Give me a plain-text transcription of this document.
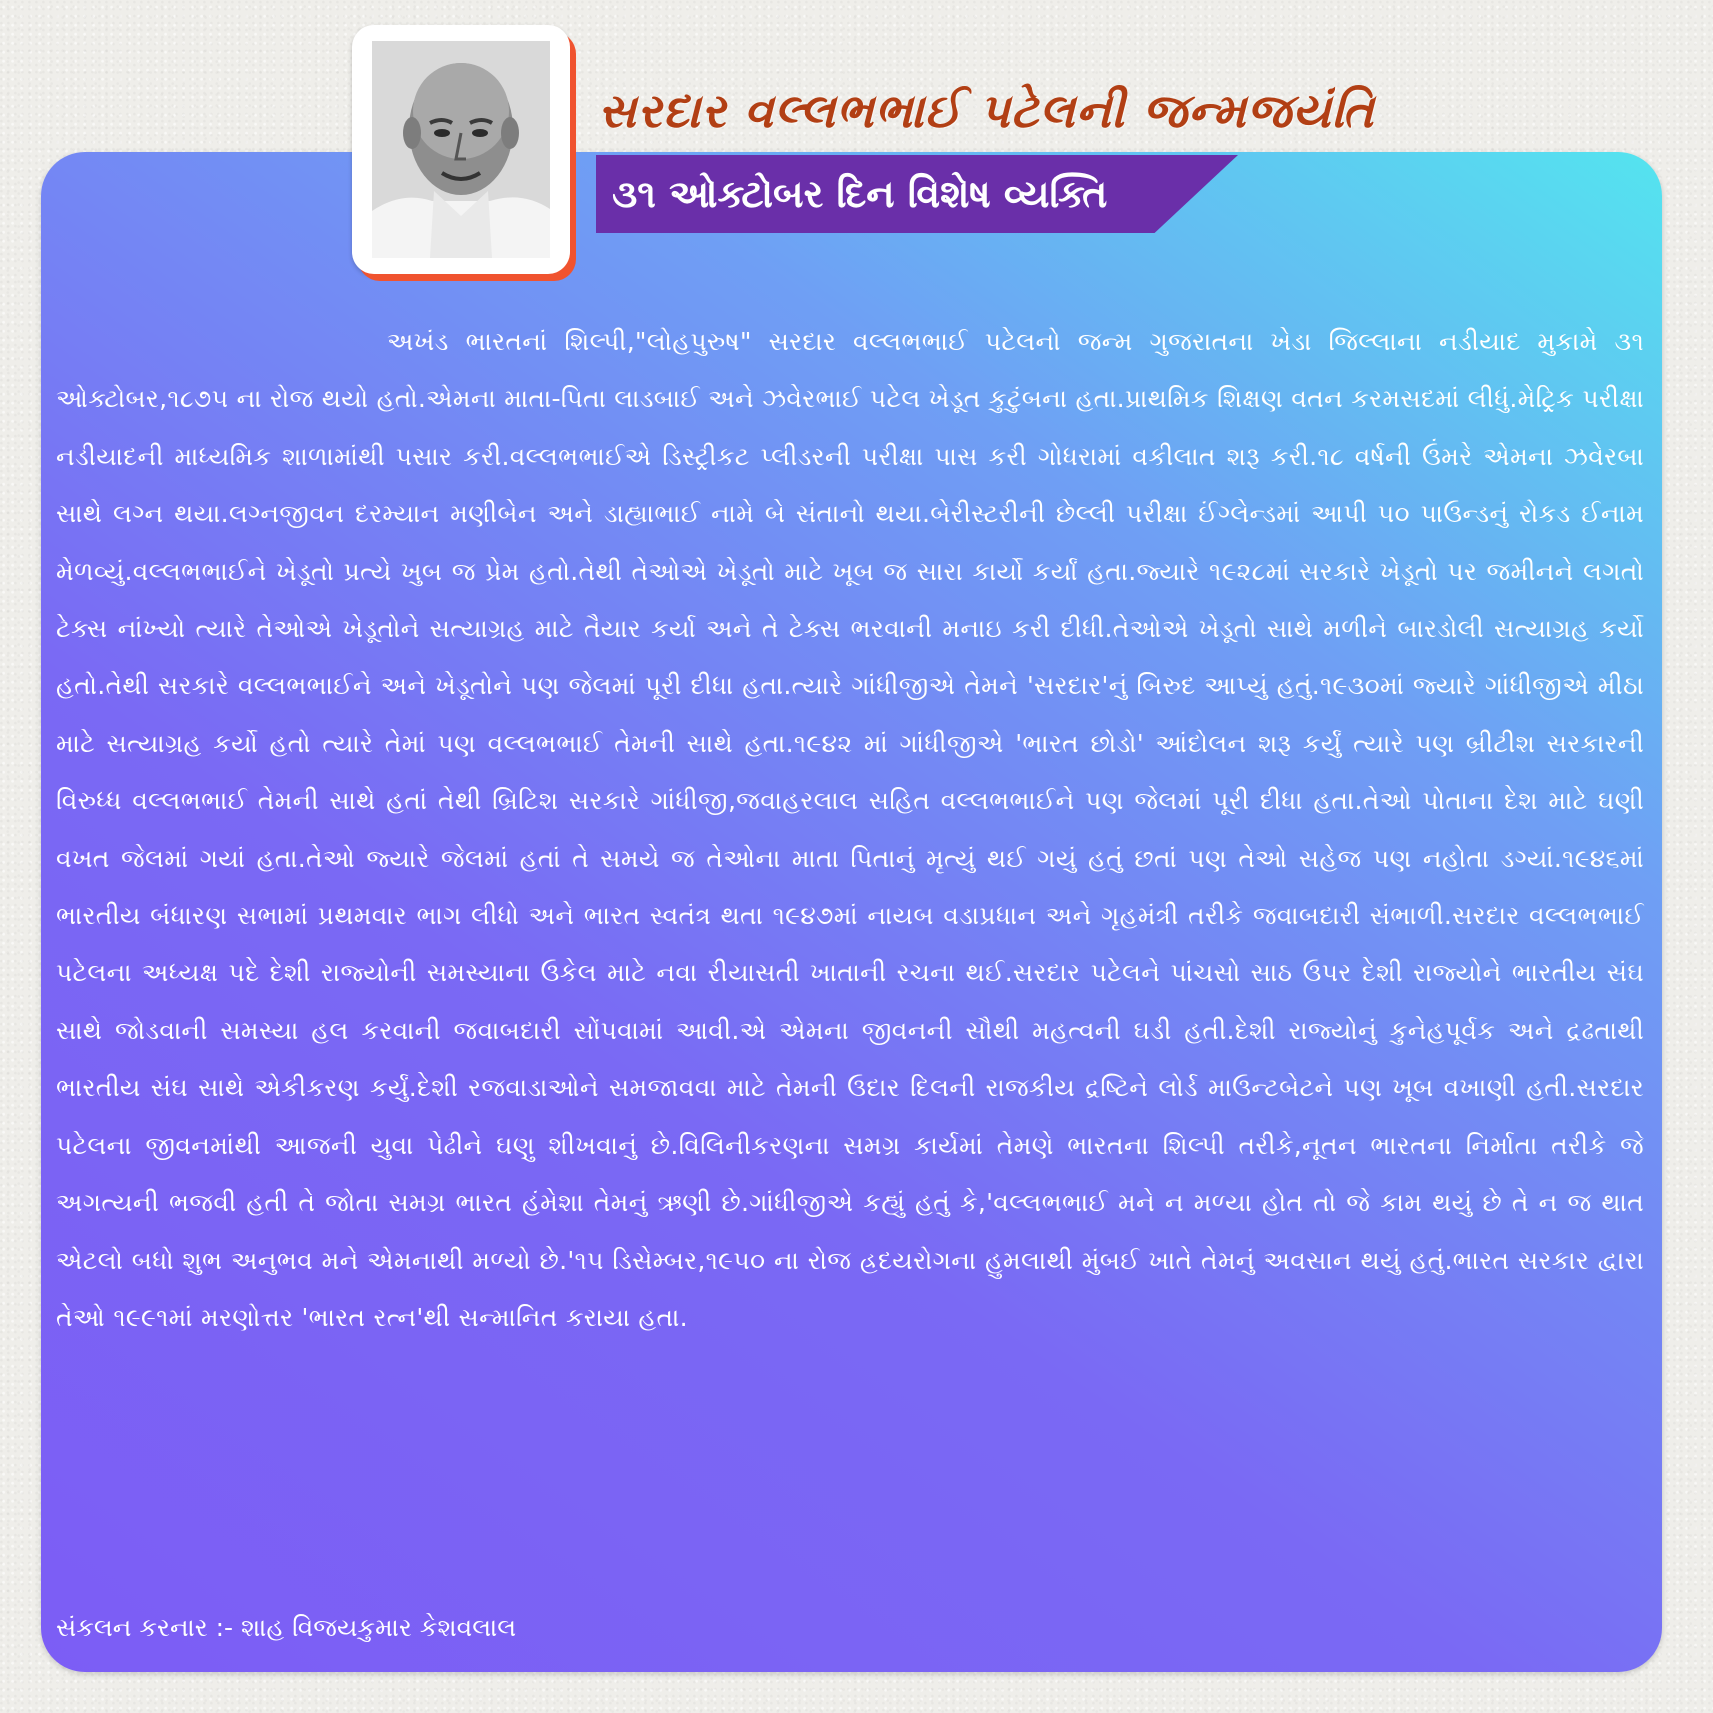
સરદાર વલ્લભભાઈ પટેલની જન્મજયંતિ
૩૧ ઓક્ટોબર દિન વિશેષ વ્યક્તિ
અખંડ ભારતનાં શિલ્પી,"લોહપુરુષ" સરદાર વલ્લભભાઈ પટેલનો જન્મ ગુજરાતના ખેડા જિલ્લાના નડીયાદ મુકામે ૩૧ ઓક્ટોબર,૧૮૭૫ ના રોજ થયો હતો.એમના માતા-પિતા લાડબાઈ અને ઝવેરભાઈ પટેલ ખેડૂત કુટુંબના હતા.પ્રાથમિક શિક્ષણ વતન કરમસદમાં લીધું.મેટ્રિક પરીક્ષા નડીયાદની માધ્યમિક શાળામાંથી પસાર કરી.વલ્લભભાઈએ ડિસ્ટ્રીકટ પ્લીડરની પરીક્ષા પાસ કરી ગોધરામાં વકીલાત શરૂ કરી.૧૮ વર્ષની ઉંમરે એમના ઝવેરબા સાથે લગ્ન થયા.લગ્નજીવન દરમ્યાન મણીબેન અને ડાહ્યાભાઈ નામે બે સંતાનો થયા.બેરીસ્ટરીની છેલ્લી પરીક્ષા ઈંગ્લેન્ડમાં આપી ૫૦ પાઉન્ડનું રોકડ ઈનામ મેળવ્યું.વલ્લભભાઈને ખેડૂતો પ્રત્યે ખુબ જ પ્રેમ હતો.તેથી તેઓએ ખેડૂતો માટે ખૂબ જ સારા કાર્યો કર્યાં હતા.જ્યારે ૧૯૨૮માં સરકારે ખેડૂતો પર જમીનને લગતો ટેક્સ નાંખ્યો ત્યારે તેઓએ ખેડૂતોને સત્યાગ્રહ માટે તૈયાર કર્યા અને તે ટેક્સ ભરવાની મનાઇ કરી દીધી.તેઓએ ખેડૂતો સાથે મળીને બારડોલી સત્યાગ્રહ કર્યો હતો.તેથી સરકારે વલ્લભભાઈને અને ખેડૂતોને પણ જેલમાં પૂરી દીધા હતા.ત્યારે ગાંધીજીએ તેમને 'સરદાર'નું બિરુદ આપ્યું હતું.૧૯૩૦માં જ્યારે ગાંધીજીએ મીઠા માટે સત્યાગ્રહ કર્યો હતો ત્યારે તેમાં પણ વલ્લભભાઈ તેમની સાથે હતા.૧૯૪૨ માં ગાંધીજીએ 'ભારત છોડો' આંદોલન શરૂ કર્યું ત્યારે પણ બ્રીટીશ સરકારની વિરુધ્ધ વલ્લભભાઈ તેમની સાથે હતાં તેથી બ્રિટિશ સરકારે ગાંધીજી,જવાહરલાલ સહિત વલ્લભભાઈને પણ જેલમાં પૂરી દીધા હતા.તેઓ પોતાના દેશ માટે ઘણી વખત જેલમાં ગયાં હતા.તેઓ જ્યારે જેલમાં હતાં તે સમયે જ તેઓના માતા પિતાનું મૃત્યું થઈ ગયું હતું છતાં પણ તેઓ સહેજ પણ નહોતા ડગ્યાં.૧૯૪૬માં ભારતીય બંધારણ સભામાં પ્રથમવાર ભાગ લીધો અને ભારત સ્વતંત્ર થતા ૧૯૪૭માં નાયબ વડાપ્રધાન અને ગૃહમંત્રી તરીકે જવાબદારી સંભાળી.સરદાર વલ્લભભાઈ પટેલના અધ્યક્ષ પદે દેશી રાજ્યોની સમસ્યાના ઉકેલ માટે નવા રીયાસતી ખાતાની રચના થઈ.સરદાર પટેલને પાંચસો સાઠ ઉપર દેશી રાજ્યોને ભારતીય સંઘ સાથે જોડવાની સમસ્યા હલ કરવાની જવાબદારી સોંપવામાં આવી.એ એમના જીવનની સૌથી મહત્વની ઘડી હતી.દેશી રાજ્યોનું કુનેહપૂર્વક અને દ્રઢતાથી ભારતીય સંઘ સાથે એકીકરણ કર્યું.દેશી રજવાડાઓને સમજાવવા માટે તેમની ઉદાર દિલની રાજકીય દ્રષ્ટિને લોર્ડ માઉન્ટબેટને પણ ખૂબ વખાણી હતી.સરદાર પટેલના જીવનમાંથી આજની યુવા પેઢીને ઘણુ શીખવાનું છે.વિલિનીકરણના સમગ્ર કાર્યમાં તેમણે ભારતના શિલ્પી તરીકે,નૂતન ભારતના નિર્માતા તરીકે જે અગત્યની ભજવી હતી તે જોતા સમગ્ર ભારત હંમેશા તેમનું ઋણી છે.ગાંધીજીએ કહ્યું હતું કે,'વલ્લભભાઈ મને ન મળ્યા હોત તો જે કામ થયું છે તે ન જ થાત એટલો બધો શુભ અનુભવ મને એમનાથી મળ્યો છે.'૧૫ ડિસેમ્બર,૧૯૫૦ ના રોજ હ્રદયરોગના હુમલાથી મુંબઈ ખાતે તેમનું અવસાન થયું હતું.ભારત સરકાર દ્વારા તેઓ ૧૯૯૧માં મરણોત્તર 'ભારત રત્ન'થી સન્માનિત કરાયા હતા.
સંકલન કરનાર :- શાહ વિજયકુમાર કેશવલાલ
